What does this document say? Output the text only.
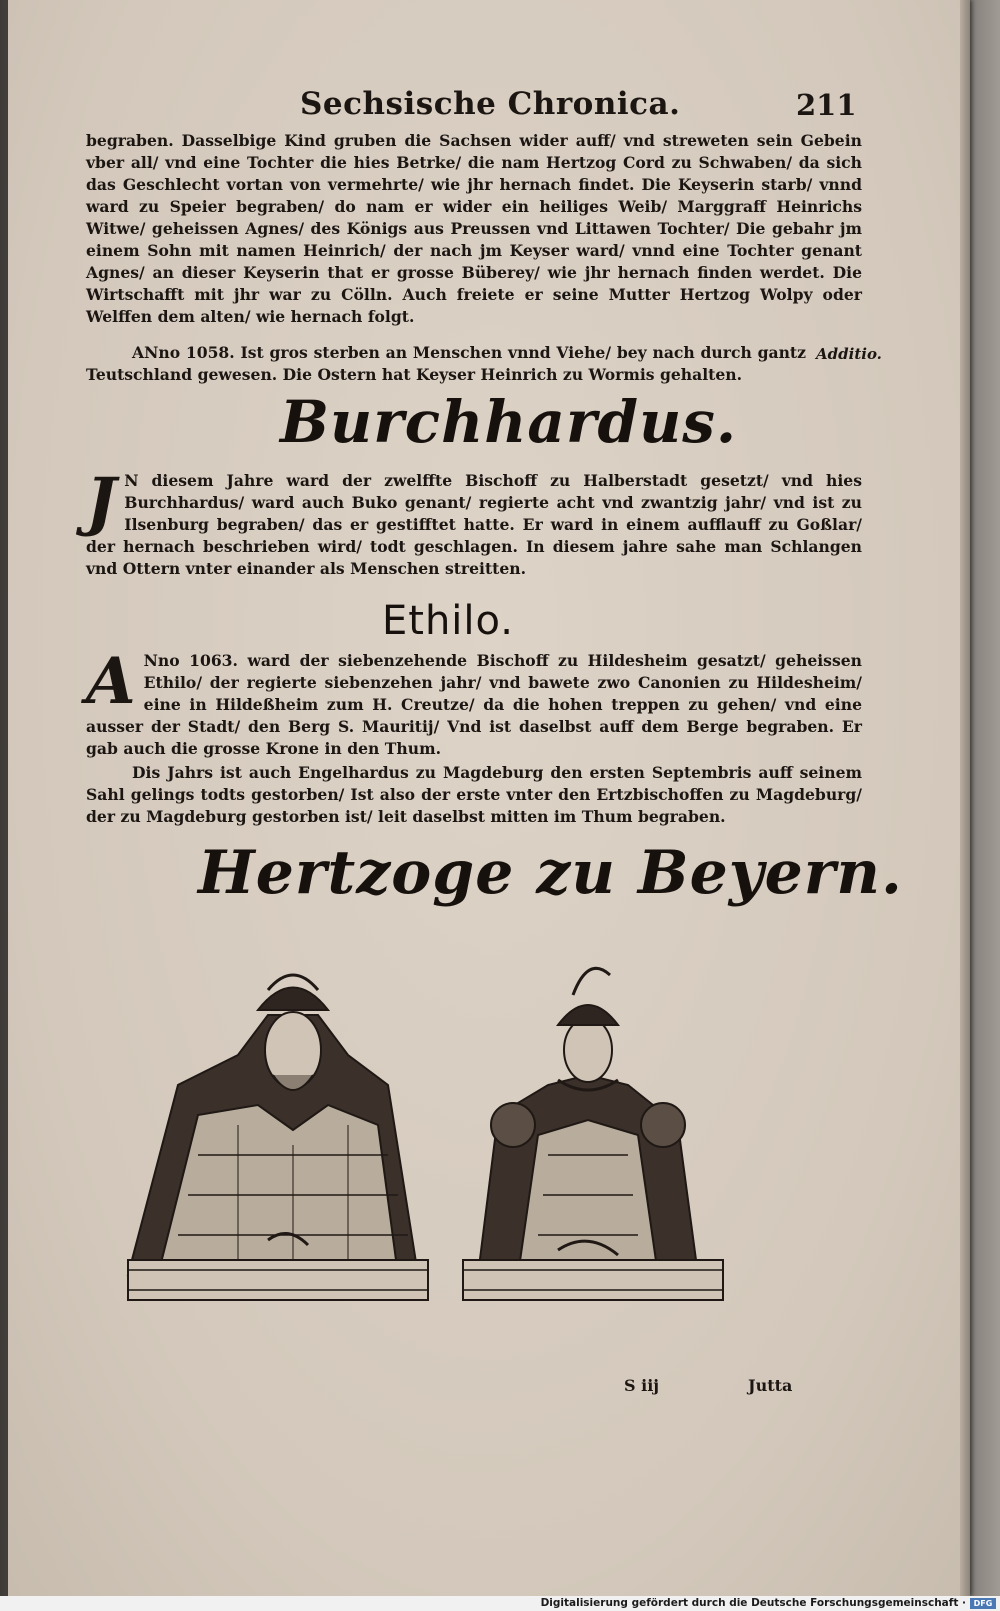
Sechsische Chronica.	211

begraben. Dasselbige Kind gruben die Sachsen wider auff/ vnd streweten sein Gebein vber all/ vnd eine Tochter die hies Betrke/ die nam Hertzog Cord zu Schwaben/ da sich das Geschlecht vortan von vermehrte/ wie jhr hernach findet. Die Keyserin starb/ vnnd ward zu Speier begraben/ do nam er wider ein heiliges Weib/ Marggraff Heinrichs Witwe/ geheissen Agnes/ des Königs aus Preussen vnd Littawen Tochter/ Die gebahr jm einem Sohn mit namen Heinrich/ der nach jm Keyser ward/ vnnd eine Tochter genant Agnes/ an dieser Keyserin that er grosse Büberey/ wie jhr hernach finden werdet. Die Wirtschafft mit jhr war zu Cölln. Auch freiete er seine Mutter Hertzog Wolpy oder Welffen dem alten/ wie hernach folgt.

ANno 1058. Ist gros sterben an Menschen vnnd Viehe/ bey nach durch gantz Teutschland gewesen. Die Ostern hat Keyser Heinrich zu Wormis gehalten.

Additio.
Burchhardus.
J N diesem Jahre ward der zwelffte Bischoff zu Halberstadt gesetzt/ vnd hies Burchhardus/ ward auch Buko genant/ regierte acht vnd zwantzig jahr/ vnd ist zu Ilsenburg begraben/ das er gestifftet hatte. Er ward in einem aufflauff zu Goßlar/ der hernach beschrieben wird/ todt geschlagen. In diesem jahre sahe man Schlangen vnd Ottern vnter einander als Menschen streitten.

Ethilo.
A Nno 1063. ward der siebenzehende Bischoff zu Hildesheim gesatzt/ geheissen Ethilo/ der regierte siebenzehen jahr/ vnd bawete zwo Canonien zu Hildesheim/ eine in Hildeßheim zum H. Creutze/ da die hohen treppen zu gehen/ vnd eine ausser der Stadt/ den Berg S. Mauritij/ Vnd ist daselbst auff dem Berge begraben. Er gab auch die grosse Krone in den Thum.

Dis Jahrs ist auch Engelhardus zu Magdeburg den ersten Septembris auff seinem Sahl gelings todts gestorben/ Ist also der erste vnter den Ertzbischoffen zu Magdeburg/ der zu Magdeburg gestorben ist/ leit daselbst mitten im Thum begraben.

Hertzoge zu Beyern.
S iij	Jutta
Digitalisierung gefördert durch die Deutsche Forschungsgemeinschaft · DFG
